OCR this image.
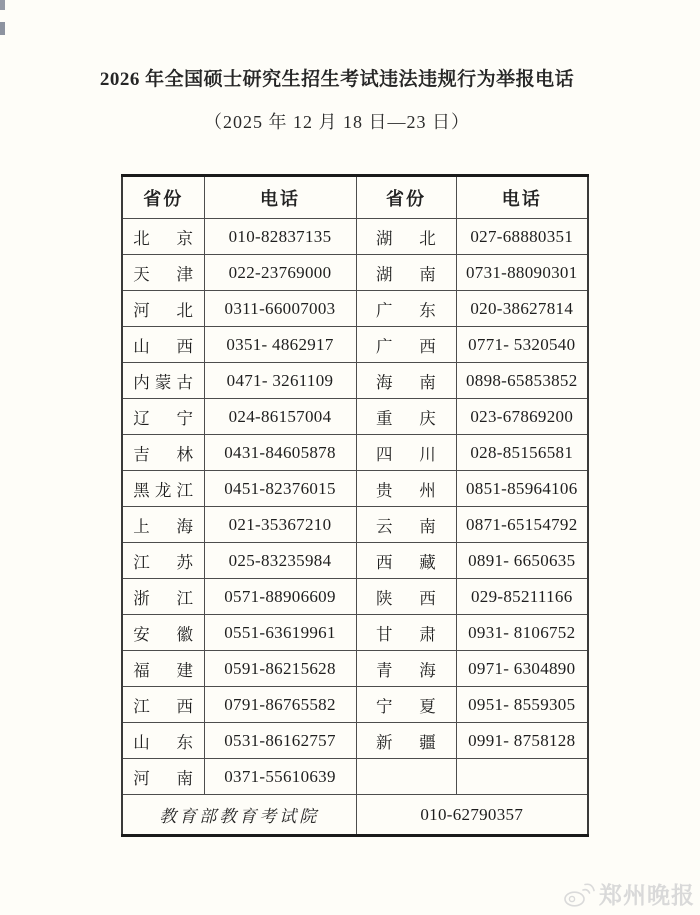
2026 年全国硕士研究生招生考试违法违规行为举报电话
（2025 年 12 月 18 日—23 日）
省份	电话	省份	电话
北京	010-82837135	湖北	027-68880351
天津	022-23769000	湖南	0731-88090301
河北	0311-66007003	广东	020-38627814
山西	0351- 4862917	广西	0771- 5320540
内蒙古	0471- 3261109	海南	0898-65853852
辽宁	024-86157004	重庆	023-67869200
吉林	0431-84605878	四川	028-85156581
黑龙江	0451-82376015	贵州	0851-85964106
上海	021-35367210	云南	0871-65154792
江苏	025-83235984	西藏	0891- 6650635
浙江	0571-88906609	陕西	029-85211166
安徽	0551-63619961	甘肃	0931- 8106752
福建	0591-86215628	青海	0971- 6304890
江西	0791-86765582	宁夏	0951- 8559305
山东	0531-86162757	新疆	0991- 8758128
河南	0371-55610639		
教育部教育考试院		010-62790357	
郑州晚报
